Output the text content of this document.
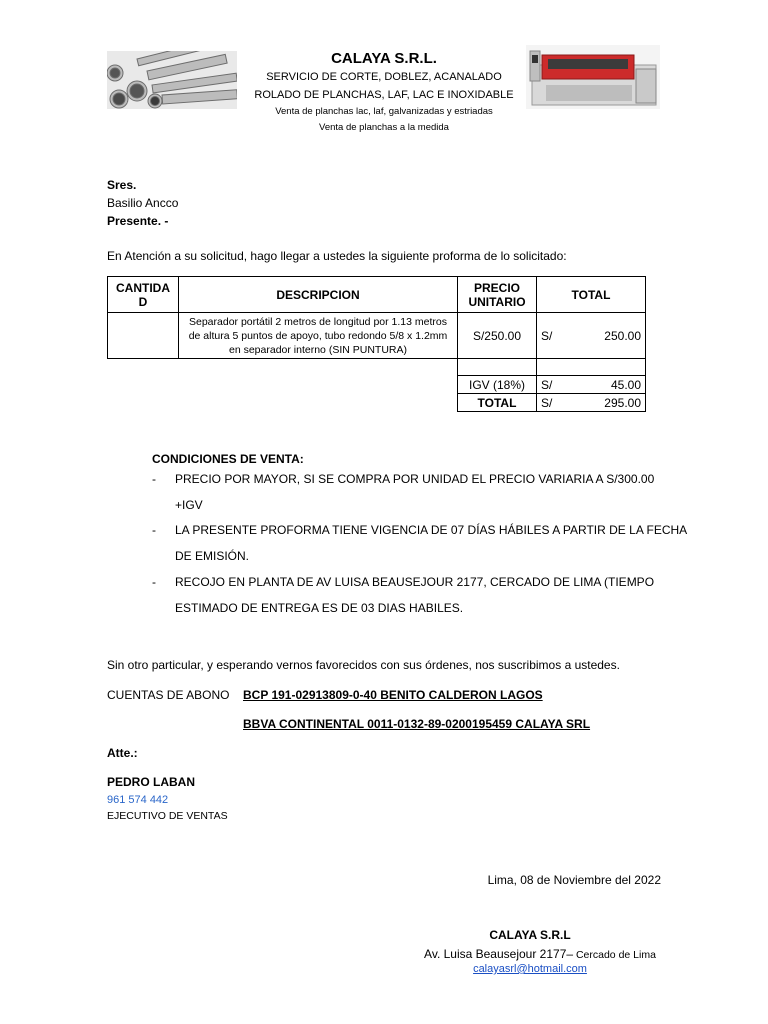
CALAYA S.R.L.
SERVICIO DE CORTE, DOBLEZ, ACANALADO
ROLADO DE PLANCHAS, LAF, LAC E INOXIDABLE
Venta de planchas lac, laf, galvanizadas y estriadas
Venta de planchas a la medida
Sres.
Basilio Ancco
Presente. -
En Atención a su solicitud, hago llegar a ustedes la siguiente proforma de lo solicitado:
CANTIDA D	DESCRIPCION	PRECIO UNITARIO	TOTAL
	Separador portátil 2 metros de longitud por 1.13 metros de altura 5 puntos de apoyo, tubo redondo 5/8 x 1.2mm en separador interno (SIN PUNTURA)	S/250.00	S/ 250.00

		IGV (18%)	S/ 45.00

		TOTAL	S/ 295.00
CONDICIONES DE VENTA:
- PRECIO POR MAYOR, SI SE COMPRA POR UNIDAD EL PRECIO VARIARIA A S/300.00
+IGV
- LA PRESENTE PROFORMA TIENE VIGENCIA DE 07 DÍAS HÁBILES A PARTIR DE LA FECHA
DE EMISIÓN.
- RECOJO EN PLANTA DE AV LUISA BEAUSEJOUR 2177, CERCADO DE LIMA (TIEMPO
ESTIMADO DE ENTREGA ES DE 03 DIAS HABILES.
Sin otro particular, y esperando vernos favorecidos con sus órdenes, nos suscribimos a ustedes.
CUENTAS DE ABONO BCP 191-02913809-0-40 BENITO CALDERON LAGOS
BBVA CONTINENTAL 0011-0132-89-0200195459 CALAYA SRL
Atte.:
PEDRO LABAN
961 574 442
EJECUTIVO DE VENTAS
Lima, 08 de Noviembre del 2022
CALAYA S.R.L
Av. Luisa Beausejour 2177– Cercado de Lima
calayasrl@hotmail.com
